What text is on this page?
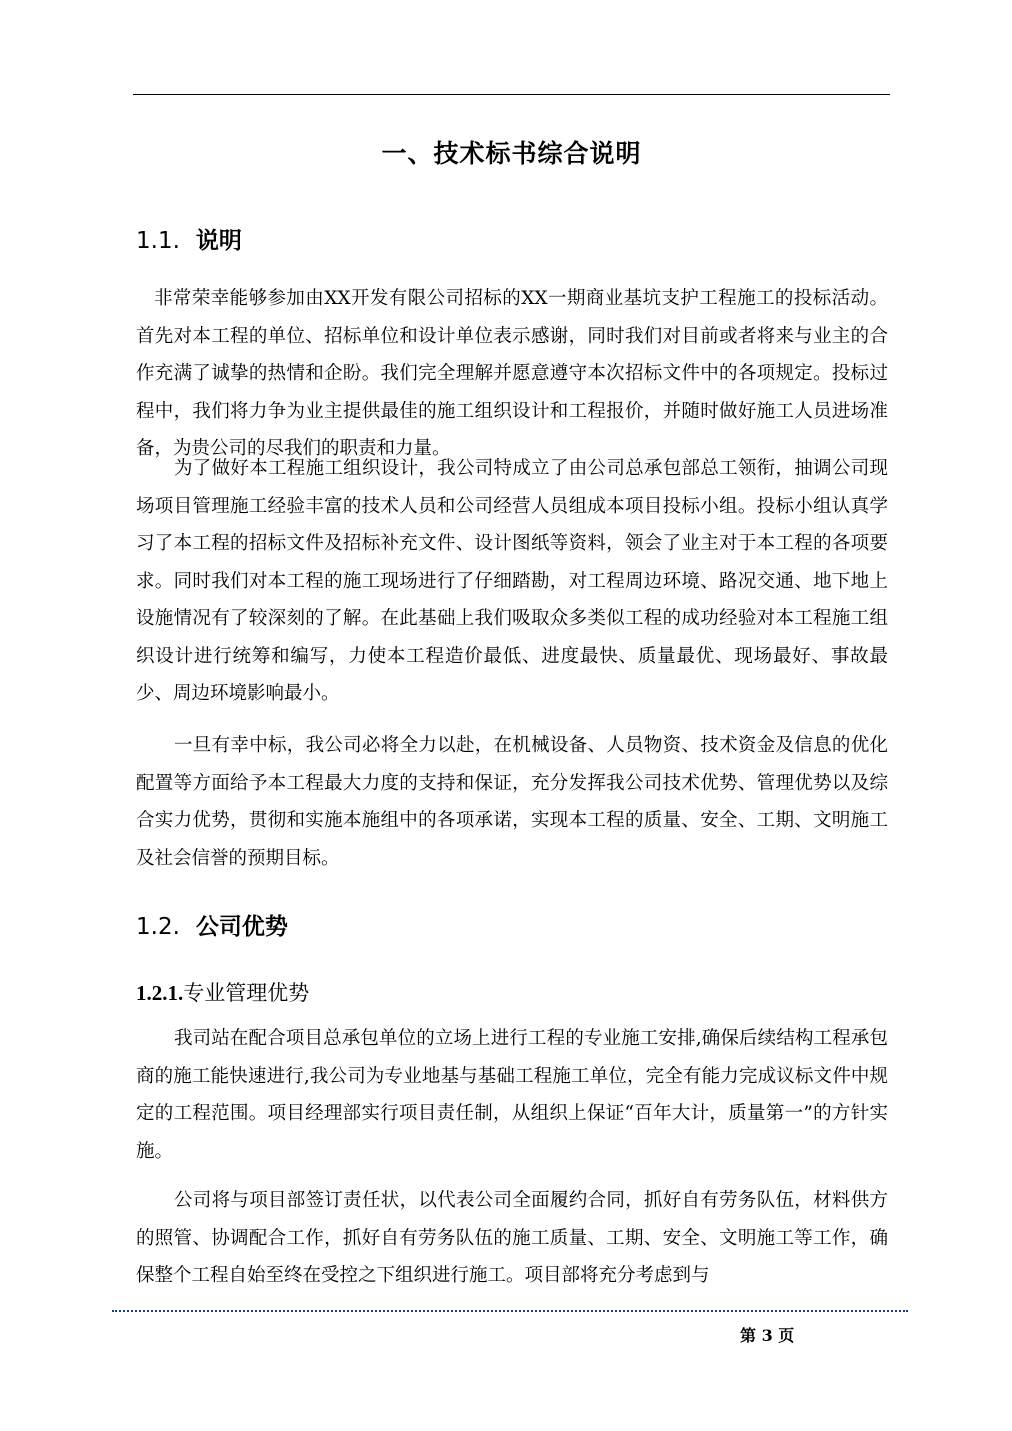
一、技术标书综合说明
1.1. 说明

非常荣幸能够参加由XX开发有限公司招标的XX一期商业基坑支护工程施工的投标活动。首先对本工程的单位、招标单位和设计单位表示感谢，同时我们对目前或者将来与业主的合作充满了诚挚的热情和企盼。我们完全理解并愿意遵守本次招标文件中的各项规定。投标过程中，我们将力争为业主提供最佳的施工组织设计和工程报价，并随时做好施工人员进场准备，为贵公司的尽我们的职责和力量。

为了做好本工程施工组织设计，我公司特成立了由公司总承包部总工领衔，抽调公司现场项目管理施工经验丰富的技术人员和公司经营人员组成本项目投标小组。投标小组认真学习了本工程的招标文件及招标补充文件、设计图纸等资料，领会了业主对于本工程的各项要求。同时我们对本工程的施工现场进行了仔细踏勘，对工程周边环境、路况交通、地下地上设施情况有了较深刻的了解。在此基础上我们吸取众多类似工程的成功经验对本工程施工组织设计进行统筹和编写，力使本工程造价最低、进度最快、质量最优、现场最好、事故最少、周边环境影响最小。

一旦有幸中标，我公司必将全力以赴，在机械设备、人员物资、技术资金及信息的优化配置等方面给予本工程最大力度的支持和保证，充分发挥我公司技术优势、管理优势以及综合实力优势，贯彻和实施本施组中的各项承诺，实现本工程的质量、安全、工期、文明施工及社会信誉的预期目标。

1.2. 公司优势
1.2.1.专业管理优势

我司站在配合项目总承包单位的立场上进行工程的专业施工安排,确保后续结构工程承包商的施工能快速进行,我公司为专业地基与基础工程施工单位，完全有能力完成议标文件中规定的工程范围。项目经理部实行项目责任制，从组织上保证“百年大计，质量第一”的方针实施。

公司将与项目部签订责任状，以代表公司全面履约合同，抓好自有劳务队伍，材料供方的照管、协调配合工作，抓好自有劳务队伍的施工质量、工期、安全、文明施工等工作，确保整个工程自始至终在受控之下组织进行施工。项目部将充分考虑到与

第 3 页
